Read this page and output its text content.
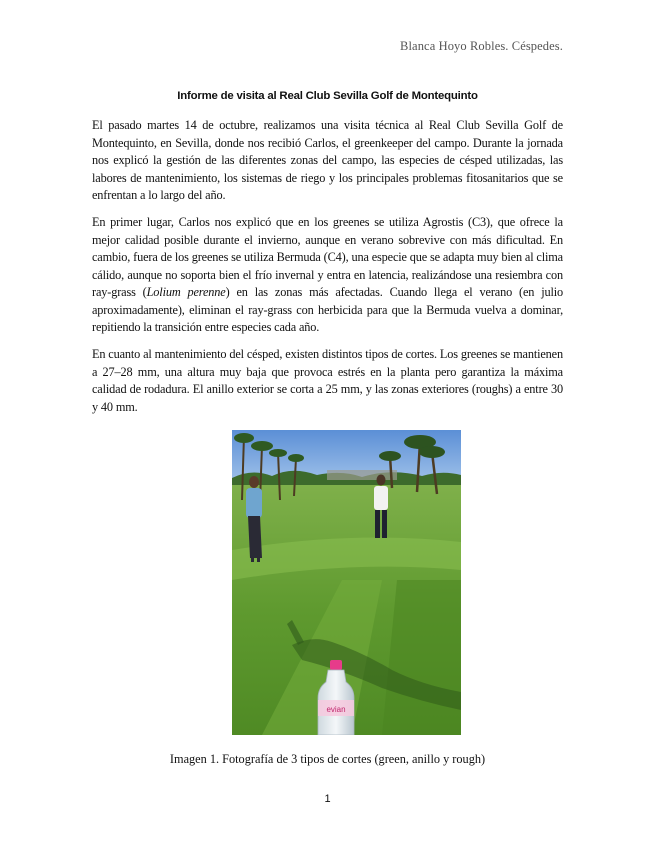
Blanca Hoyo Robles. Céspedes.
Informe de visita al Real Club Sevilla Golf de Montequinto

El pasado martes 14 de octubre, realizamos una visita técnica al Real Club Sevilla Golf de Montequinto, en Sevilla, donde nos recibió Carlos, el greenkeeper del campo. Durante la jornada nos explicó la gestión de las diferentes zonas del campo, las especies de césped utilizadas, las labores de mantenimiento, los sistemas de riego y los principales problemas fitosanitarios que se enfrentan a lo largo del año.

En primer lugar, Carlos nos explicó que en los greenes se utiliza Agrostis (C3), que ofrece la mejor calidad posible durante el invierno, aunque en verano sobrevive con más dificultad. En cambio, fuera de los greenes se utiliza Bermuda (C4), una especie que se adapta muy bien al clima cálido, aunque no soporta bien el frío invernal y entra en latencia, realizándose una resiembra con ray-grass (Lolium perenne) en las zonas más afectadas. Cuando llega el verano (en julio aproximadamente), eliminan el ray-grass con herbicida para que la Bermuda vuelva a dominar, repitiendo la transición entre especies cada año.

En cuanto al mantenimiento del césped, existen distintos tipos de cortes. Los greenes se mantienen a 27–28 mm, una altura muy baja que provoca estrés en la planta pero garantiza la máxima calidad de rodadura. El anillo exterior se corta a 25 mm, y las zonas exteriores (roughs) a entre 30 y 40 mm.

evian
Imagen 1. Fotografía de 3 tipos de cortes (green, anillo y rough)
1
